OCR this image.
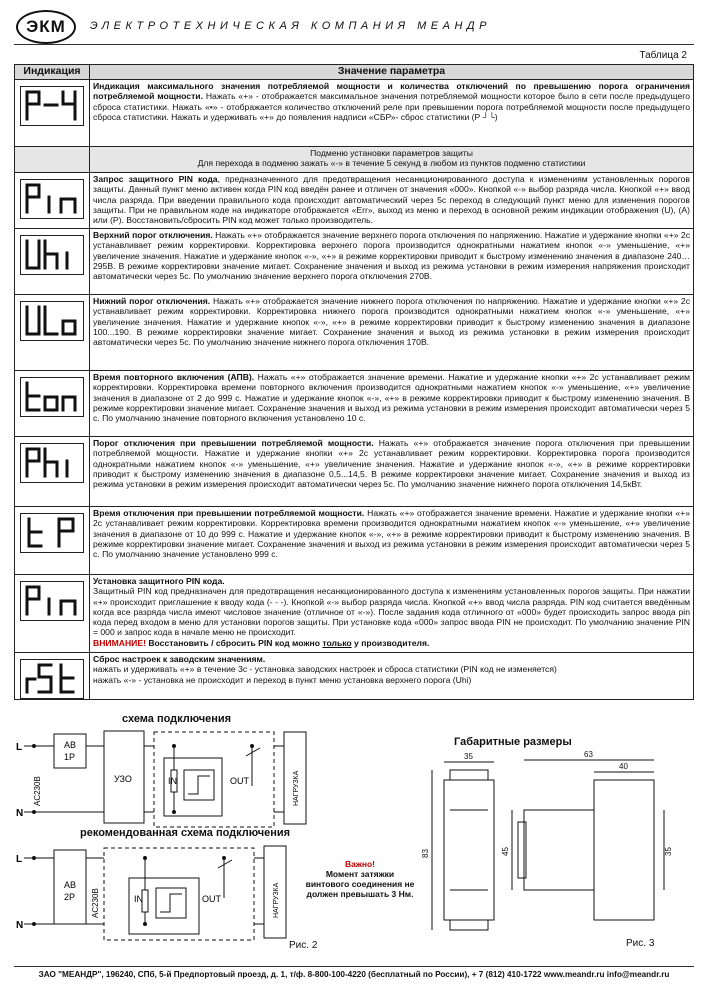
ЭКМ	ЭЛЕКТРОТЕХНИЧЕСКАЯ КОМПАНИЯ МЕАНДР
Таблица 2
Индикация	Значение параметра

	Индикация максимального значения потребляемой мощности и количества отключений по превышению порога ограничения потребляемой мощности. Нажать «+» - отображается максимальное значения потребляемой мощности которое было в сети после предыдущего сброса статистики. Нажать «•» - отображается количество отключений реле при превышении порога потребляемой мощности после предыдущего сброса статистики. Нажать и удерживать «+» до появления надписи «СБР»- сброс статистики (Р ┘└)

	Подменю установки параметров защиты
Для перехода в подменю зажать «-» в течение 5 секунд в любом из пунктов подменю статистики

	Запрос защитного PIN кода, предназначенного для предотвращения несанкционированного доступа к изменениям установленных порогов защиты. Данный пункт меню активен когда PIN код введён ранее и отличен от значения «000». Кнопкой «-» выбор разряда числа. Кнопкой «+» ввод числа разряда. При введении правильного кода происходит автоматический через 5с переход в следующий пункт меню для изменения порогов защиты. При не правильном коде на индикаторе отображается «Err», выход из меню и переход в основной режим индикации отображения (U), (A) или (P). Восстановить/сбросить PIN код может только производитель.

	Верхний порог отключения. Нажать «+» отображается значение верхнего порога отключения по напряжению. Нажатие и удержание кнопки «+» 2с устанавливает режим корректировки. Корректировка верхнего порога производится однократными нажатием кнопок «-» уменьшение, «+» увеличение значения. Нажатие и удержание кнопок «-», «+» в режиме корректировки приводит к быстрому изменению значения в диапазоне 240…295В. В режиме корректировки значение мигает. Сохранение значения и выход из режима установки в режим измерения напряжения происходит автоматически через 5с. По умолчанию значение верхнего порога отключения 270В.

	Нижний порог отключения. Нажать «+» отображается значение нижнего порога отключения по напряжению. Нажатие и удержание кнопки «+» 2с устанавливает режим корректировки. Корректировка нижнего порога производится однократными нажатием кнопок «-» уменьшение, «+» увеличение значения. Нажатие и удержание кнопок «-», «+» в режиме корректировки приводит к быстрому изменению значения в диапазоне 100...190. В режиме корректировки значение мигает. Сохранение значения и выход из режима установки в режим измерения происходит автоматически через 5с. По умолчанию значение нижнего порога отключения 170В.

	Время повторного включения (АПВ). Нажать «+» отображается значение времени. Нажатие и удержание кнопки «+» 2с устанавливает режим корректировки. Корректировка времени повторного включения производится однократными нажатием кнопок «-» уменьшение, «+» увеличение значения в диапазоне от 2 до 999 с. Нажатие и удержание кнопок «-», «+» в режиме корректировки приводит к быстрому изменению значения. В режиме корректировки значение мигает. Сохранение значения и выход из режима установки в режим измерения происходит автоматически через 5 с. По умолчанию значение повторного включения установлено 10 с.

	Порог отключения при превышении потребляемой мощности. Нажать «+» отображается значение порога отключения при превышении потребляемой мощности. Нажатие и удержание кнопки «+» 2с устанавливает режим корректировки. Корректировка порога производится однократными нажатием кнопок «-» уменьшение, «+» увеличение значения. Нажатие и удержание кнопок «-», «+» в режиме корректировки приводит к быстрому изменению значения в диапазоне 0,5...14,5. В режиме корректировки значение мигает. Сохранение значения и выход из режима установки в режим измерения происходит автоматически через 5с. По умолчанию значение нижнего порога отключения 14,5кВт.

	Время отключения при превышении потребляемой мощности. Нажать «+» отображается значение времени. Нажатие и удержание кнопки «+» 2с устанавливает режим корректировки. Корректировка времени производится однократными нажатием кнопок «-» уменьшение, «+» увеличение значения в диапазоне от 10 до 999 с. Нажатие и удержание кнопок «-», «+» в режиме корректировки приводит к быстрому изменению значения. В режиме корректировки значение мигает. Сохранение значения и выход из режима установки в режим измерения происходит автоматически через 5 с. По умолчанию значение установлено 999 с.

	Установка защитного PIN кода.
Защитный PIN код предназначен для предотвращения несанкционированного доступа к изменениям установленных порогов защиты. При нажатии «+» происходит приглашение к вводу кода (- - -). Кнопкой «-» выбор разряда числа. Кнопкой «+» ввод числа разряда. PIN код считается введённым когда все разряда числа имеют числовое значение (отличное от «-»). После задания кода отличного от «000» будет происходить запрос ввода pin кода перед входом в меню для установки порогов защиты. При установке кода «000» запрос ввода PIN не происходит. По умолчанию значение PIN = 000 и запрос кода в начале меню не происходит.
ВНИМАНИЕ! Восстановить / сбросить PIN код можно только у производителя.

	Сброс настроек к заводским значениям.
нажать и удерживать «+» в течение 3с - установка заводских настроек и сброса статистики (PIN код не изменяется)
нажать «-» - установка не происходит и переход в пункт меню установка верхнего порога (Uhi)
схема подключения
рекомендованная схема подключения
Габаритные размеры
L
N
AB
1P
УЗО	IN	OUT
AC230В	НАГРУЗКА
L
N
AB
2P	IN	OUT
AC230В	НАГРУЗКА
Рис. 2
Важно!
Момент затяжки винтового соединения не должен превышать 3 Нм.
35	63
40
83	45	35
Рис. 3
ЗАО "МЕАНДР", 196240, СПб, 5-й Предпортовый проезд, д. 1, т/ф. 8-800-100-4220 (бесплатный по России), + 7 (812) 410-1722 www.meandr.ru info@meandr.ru
